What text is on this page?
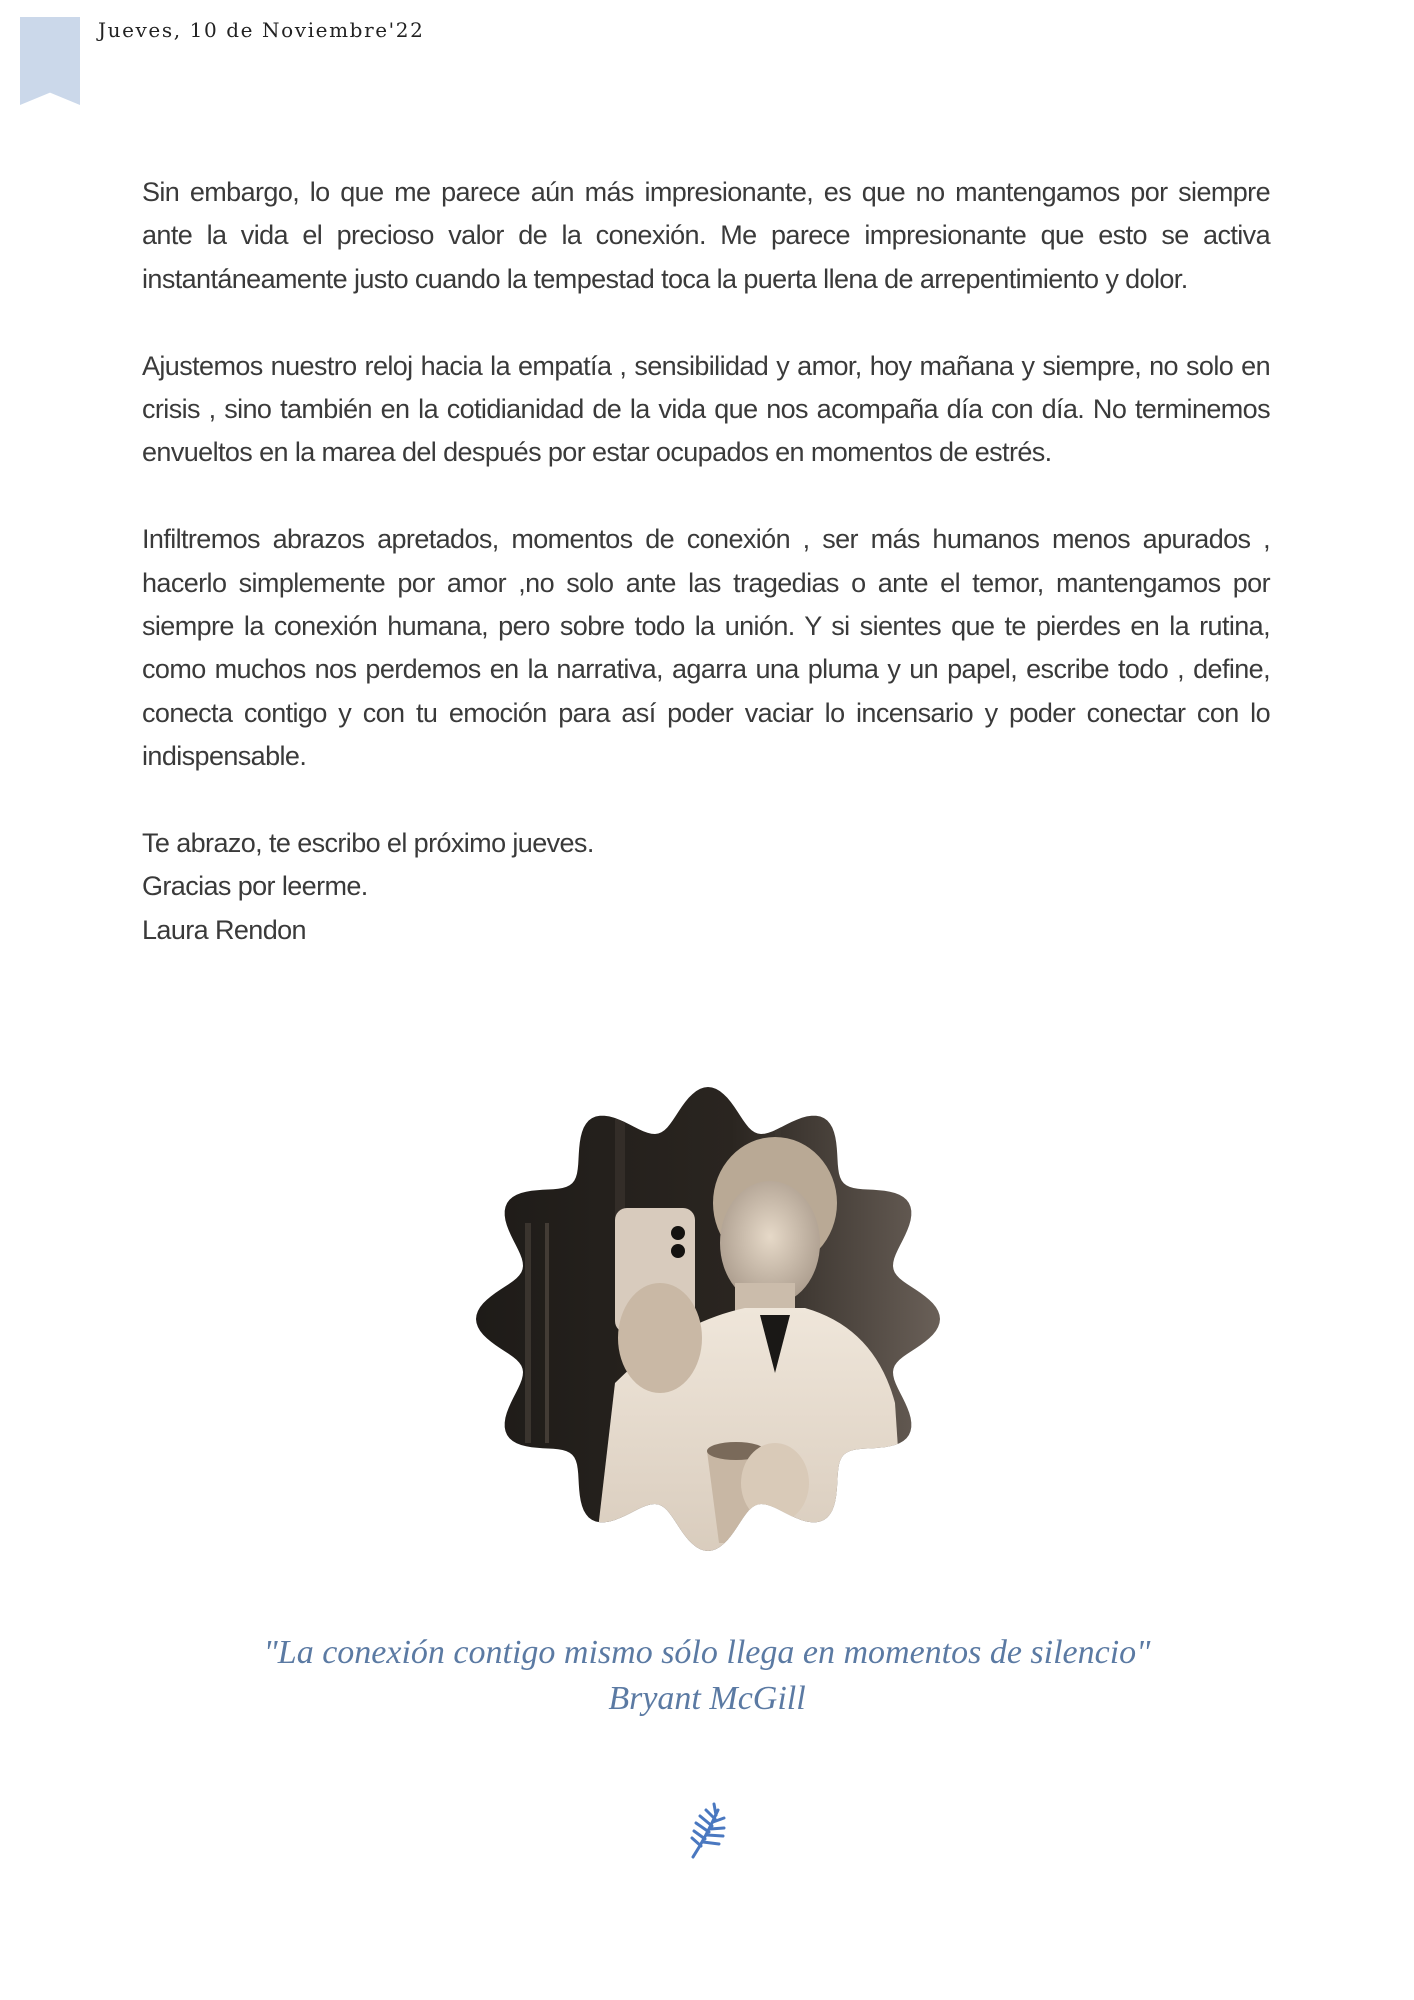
Jueves, 10 de Noviembre'22

Sin embargo, lo que me parece aún más impresionante, es que no mantengamos por siempre ante la vida el precioso valor de la conexión. Me parece impresionante que esto se activa instantáneamente justo cuando la tempestad toca la puerta llena de arrepentimiento y dolor.

Ajustemos nuestro reloj hacia la empatía , sensibilidad y amor, hoy mañana y siempre, no solo en crisis , sino también en la cotidianidad de la vida que nos acompaña día con día. No terminemos envueltos en la marea del después por estar ocupados en momentos de estrés.

Infiltremos abrazos apretados, momentos de conexión , ser más humanos menos apurados , hacerlo simplemente por amor ,no solo ante las tragedias o ante el temor, mantengamos por siempre la conexión humana, pero sobre todo la unión. Y si sientes que te pierdes en la rutina, como muchos nos perdemos en la narrativa, agarra una pluma y un papel, escribe todo , define, conecta contigo y con tu emoción para así poder vaciar lo incensario y poder conectar con lo indispensable.

Te abrazo, te escribo el próximo jueves.
Gracias por leerme.
Laura Rendon
"La conexión contigo mismo sólo llega en momentos de silencio"
Bryant McGill
